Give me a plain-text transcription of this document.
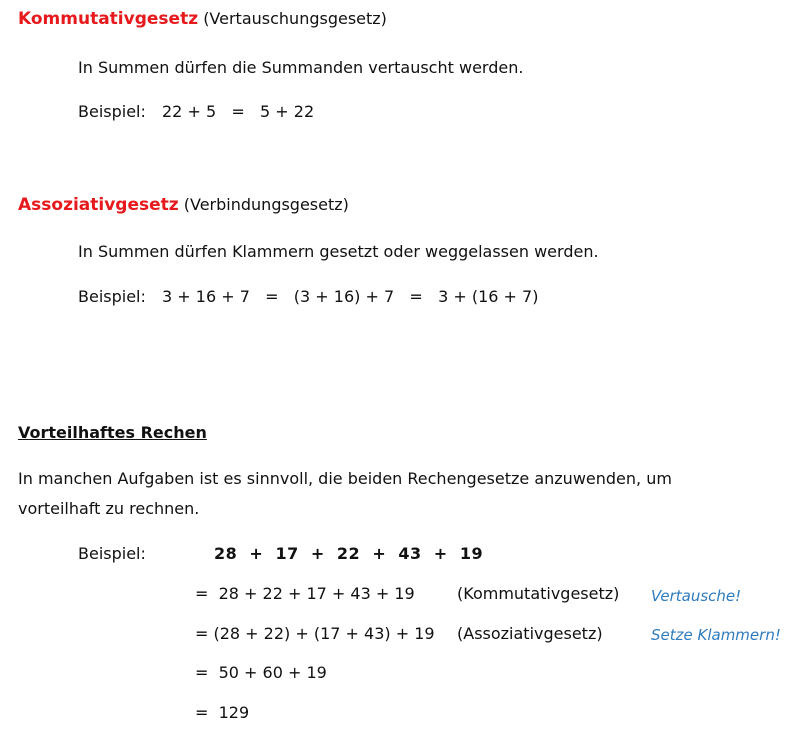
Kommutativgesetz (Vertauschungsgesetz)
In Summen dürfen die Summanden vertauscht werden.
Beispiel: 22 + 5   =   5 + 22
Assoziativgesetz (Verbindungsgesetz)
In Summen dürfen Klammern gesetzt oder weggelassen werden.
Beispiel: 3 + 16 + 7   =   (3 + 16) + 7   =   3 + (16 + 7)
Vorteilhaftes Rechen
In manchen Aufgaben ist es sinnvoll, die beiden Rechengesetze anzuwenden, um
vorteilhaft zu rechnen.
Beispiel:	28  +  17  +  22  +  43  +  19
=  28 + 22 + 17 + 43 + 19	(Kommutativgesetz) Vertausche!
= (28 + 22) + (17 + 43) + 19 (Assoziativgesetz)	Setze Klammern!
=  50 + 60 + 19
=  129
